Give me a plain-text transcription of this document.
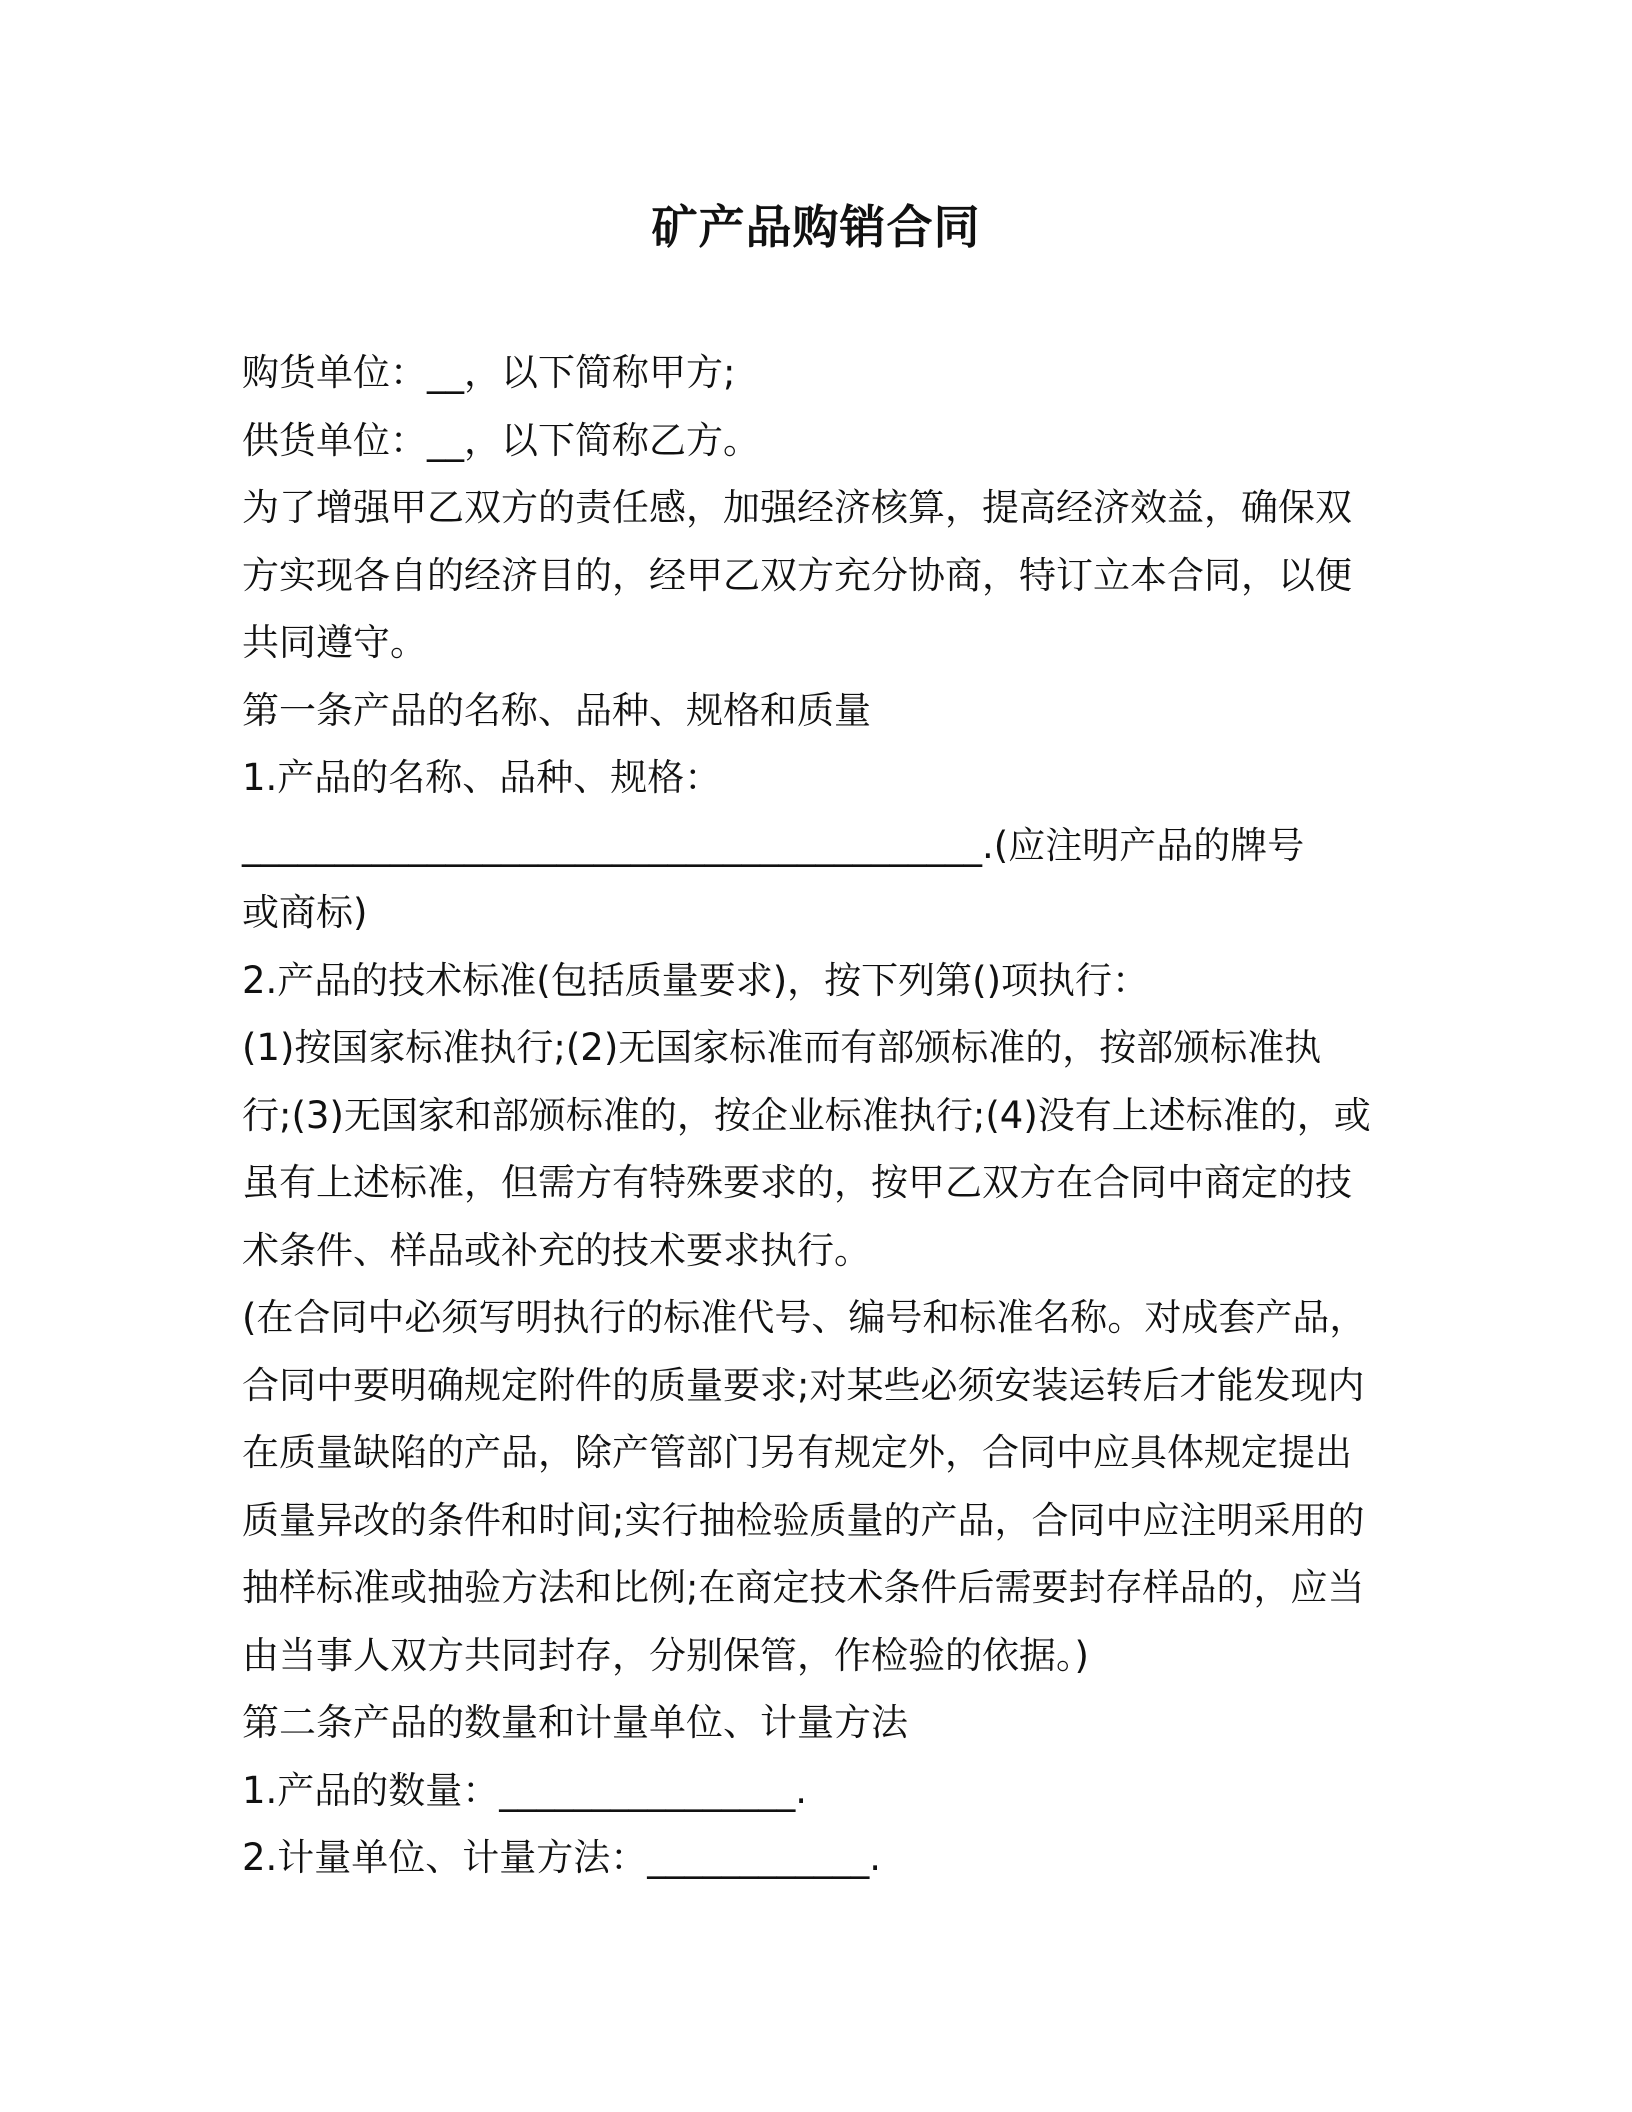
矿产品购销合同

购货单位：__，以下简称甲方;

供货单位：__，以下简称乙方。

为了增强甲乙双方的责任感，加强经济核算，提高经济效益，确保双

方实现各自的经济目的，经甲乙双方充分协商，特订立本合同，以便

共同遵守。

第一条产品的名称、品种、规格和质量

1.产品的名称、品种、规格：

________________________________________.(应注明产品的牌号

或商标)

2.产品的技术标准(包括质量要求)，按下列第()项执行：

(1)按国家标准执行;(2)无国家标准而有部颁标准的，按部颁标准执

行;(3)无国家和部颁标准的，按企业标准执行;(4)没有上述标准的，或

虽有上述标准，但需方有特殊要求的，按甲乙双方在合同中商定的技

术条件、样品或补充的技术要求执行。

(在合同中必须写明执行的标准代号、编号和标准名称。对成套产品，

合同中要明确规定附件的质量要求;对某些必须安装运转后才能发现内

在质量缺陷的产品，除产管部门另有规定外，合同中应具体规定提出

质量异改的条件和时间;实行抽检验质量的产品，合同中应注明采用的

抽样标准或抽验方法和比例;在商定技术条件后需要封存样品的，应当

由当事人双方共同封存，分别保管，作检验的依据。)

第二条产品的数量和计量单位、计量方法

1.产品的数量：________________.

2.计量单位、计量方法：____________.
